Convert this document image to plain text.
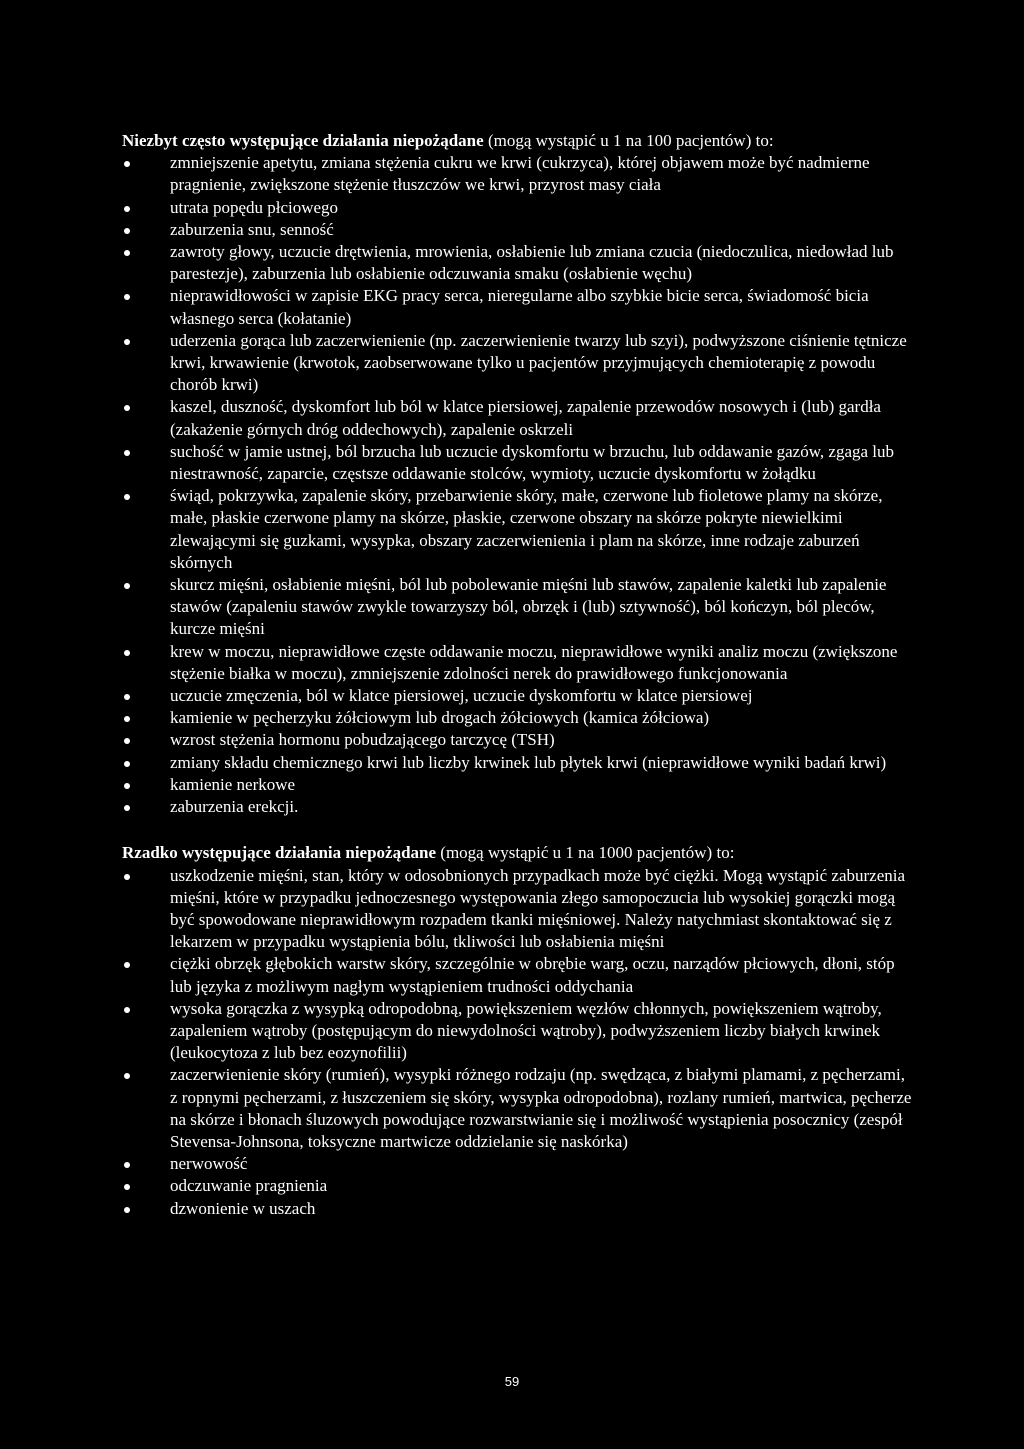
Niezbyt często występujące działania niepożądane (mogą wystąpić u 1 na 100 pacjentów) to:

zmniejszenie apetytu, zmiana stężenia cukru we krwi (cukrzyca), której objawem może być nadmierne pragnienie, zwiększone stężenie tłuszczów we krwi, przyrost masy ciała
utrata popędu płciowego
zaburzenia snu, senność
zawroty głowy, uczucie drętwienia, mrowienia, osłabienie lub zmiana czucia (niedoczulica, niedowład lub parestezje), zaburzenia lub osłabienie odczuwania smaku (osłabienie węchu)
nieprawidłowości w zapisie EKG pracy serca, nieregularne albo szybkie bicie serca, świadomość bicia własnego serca (kołatanie)
uderzenia gorąca lub zaczerwienienie (np. zaczerwienienie twarzy lub szyi), podwyższone ciśnienie tętnicze krwi, krwawienie (krwotok, zaobserwowane tylko u pacjentów przyjmujących chemioterapię z powodu chorób krwi)
kaszel, duszność, dyskomfort lub ból w klatce piersiowej, zapalenie przewodów nosowych i (lub) gardła (zakażenie górnych dróg oddechowych), zapalenie oskrzeli
suchość w jamie ustnej, ból brzucha lub uczucie dyskomfortu w brzuchu, lub oddawanie gazów, zgaga lub niestrawność, zaparcie, częstsze oddawanie stolców, wymioty, uczucie dyskomfortu w żołądku
świąd, pokrzywka, zapalenie skóry, przebarwienie skóry, małe, czerwone lub fioletowe plamy na skórze, małe, płaskie czerwone plamy na skórze, płaskie, czerwone obszary na skórze pokryte niewielkimi zlewającymi się guzkami, wysypka, obszary zaczerwienienia i plam na skórze, inne rodzaje zaburzeń skórnych
skurcz mięśni, osłabienie mięśni, ból lub pobolewanie mięśni lub stawów, zapalenie kaletki lub zapalenie stawów (zapaleniu stawów zwykle towarzyszy ból, obrzęk i (lub) sztywność), ból kończyn, ból pleców, kurcze mięśni
krew w moczu, nieprawidłowe częste oddawanie moczu, nieprawidłowe wyniki analiz moczu (zwiększone stężenie białka w moczu), zmniejszenie zdolności nerek do prawidłowego funkcjonowania
uczucie zmęczenia, ból w klatce piersiowej, uczucie dyskomfortu w klatce piersiowej
kamienie w pęcherzyku żółciowym lub drogach żółciowych (kamica żółciowa)
wzrost stężenia hormonu pobudzającego tarczycę (TSH)
zmiany składu chemicznego krwi lub liczby krwinek lub płytek krwi (nieprawidłowe wyniki badań krwi)
kamienie nerkowe
zaburzenia erekcji.

Rzadko występujące działania niepożądane (mogą wystąpić u 1 na 1000 pacjentów) to:

uszkodzenie mięśni, stan, który w odosobnionych przypadkach może być ciężki. Mogą wystąpić zaburzenia mięśni, które w przypadku jednoczesnego występowania złego samopoczucia lub wysokiej gorączki mogą być spowodowane nieprawidłowym rozpadem tkanki mięśniowej. Należy natychmiast skontaktować się z lekarzem w przypadku wystąpienia bólu, tkliwości lub osłabienia mięśni
ciężki obrzęk głębokich warstw skóry, szczególnie w obrębie warg, oczu, narządów płciowych, dłoni, stóp lub języka z możliwym nagłym wystąpieniem trudności oddychania
wysoka gorączka z wysypką odropodobną, powiększeniem węzłów chłonnych, powiększeniem wątroby, zapaleniem wątroby (postępującym do niewydolności wątroby), podwyższeniem liczby białych krwinek (leukocytoza z lub bez eozynofilii)
zaczerwienienie skóry (rumień), wysypki różnego rodzaju (np. swędząca, z białymi plamami, z pęcherzami, z ropnymi pęcherzami, z łuszczeniem się skóry, wysypka odropodobna), rozlany rumień, martwica, pęcherze na skórze i błonach śluzowych powodujące rozwarstwianie się i możliwość wystąpienia posocznicy (zespół Stevensa-Johnsona, toksyczne martwicze oddzielanie się naskórka)
nerwowość
odczuwanie pragnienia
dzwonienie w uszach
59
